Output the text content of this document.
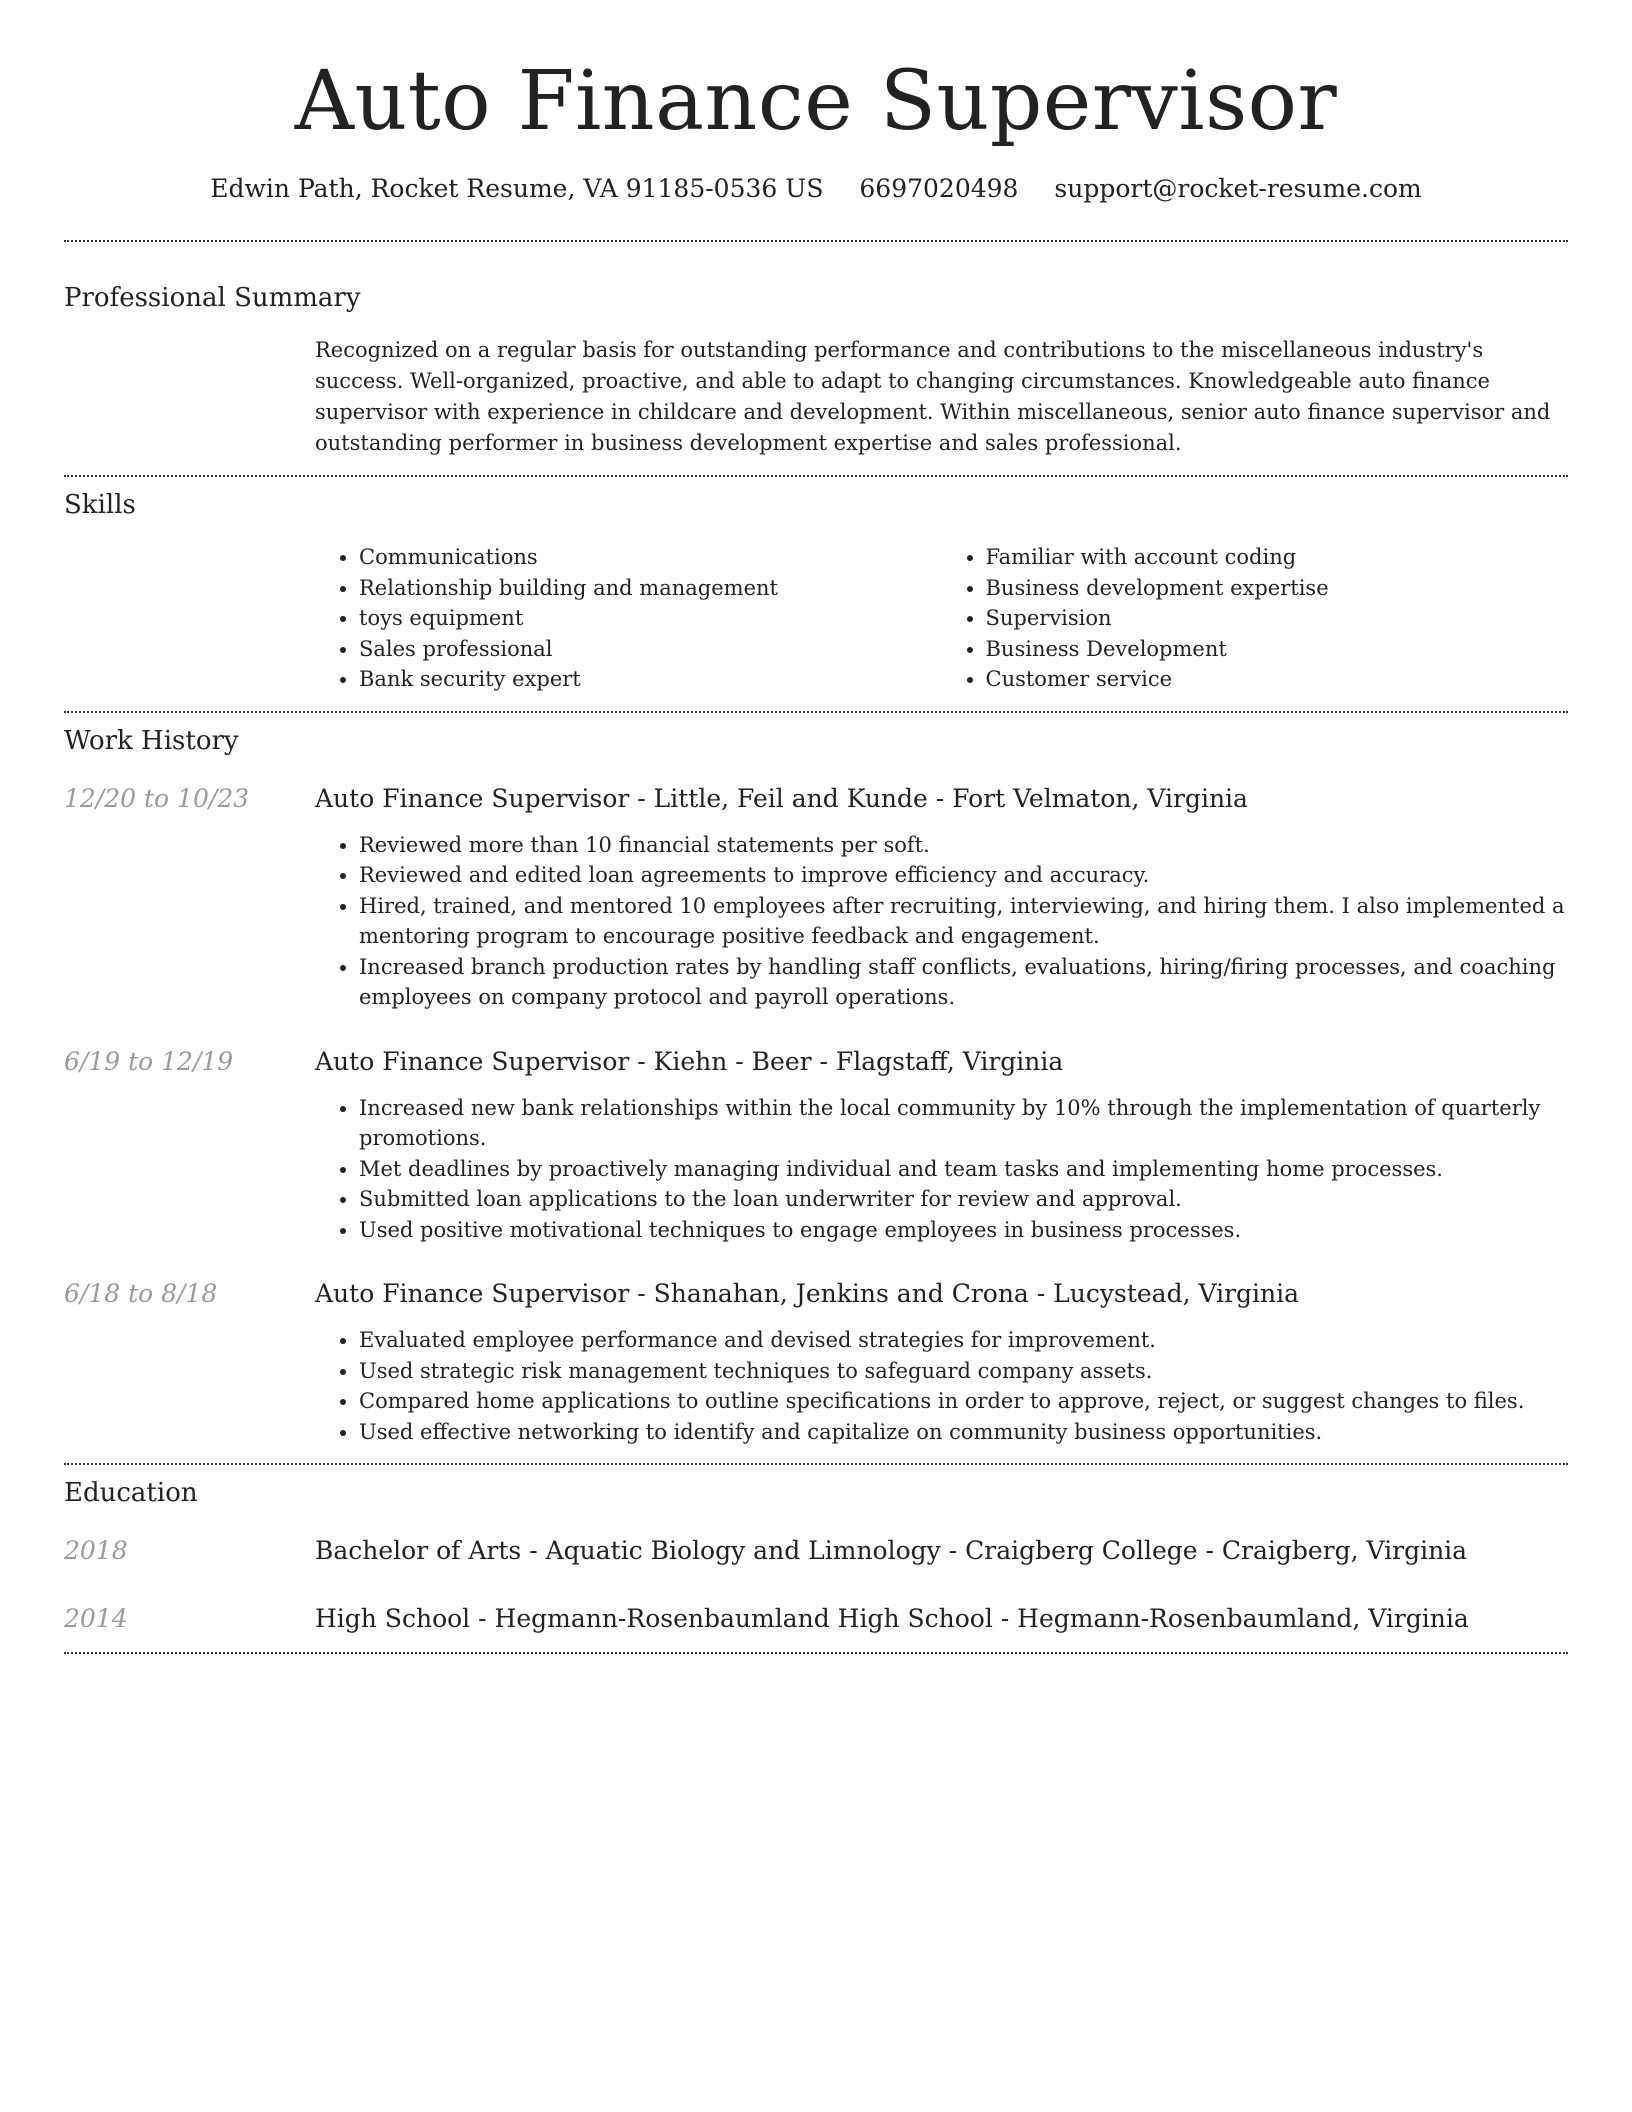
Auto Finance Supervisor
Edwin Path, Rocket Resume, VA 91185-0536 US 6697020498 support@rocket-resume.com
Professional Summary
Recognized on a regular basis for outstanding performance and contributions to the miscellaneous industry's success. Well-organized, proactive, and able to adapt to changing circumstances. Knowledgeable auto finance supervisor with experience in childcare and development. Within miscellaneous, senior auto finance supervisor and outstanding performer in business development expertise and sales professional.
Skills
• Communications
• Relationship building and management
• toys equipment
• Sales professional
• Bank security expert
• Familiar with account coding
• Business development expertise
• Supervision
• Business Development
• Customer service
Work History
12/20 to 10/23	Auto Finance Supervisor - Little, Feil and Kunde - Fort Velmaton, Virginia
• Reviewed more than 10 financial statements per soft.
• Reviewed and edited loan agreements to improve efficiency and accuracy.
• Hired, trained, and mentored 10 employees after recruiting, interviewing, and hiring them. I also implemented a mentoring program to encourage positive feedback and engagement.
• Increased branch production rates by handling staff conflicts, evaluations, hiring/firing processes, and coaching employees on company protocol and payroll operations.
6/19 to 12/19	Auto Finance Supervisor - Kiehn - Beer - Flagstaff, Virginia
• Increased new bank relationships within the local community by 10% through the implementation of quarterly promotions.
• Met deadlines by proactively managing individual and team tasks and implementing home processes.
• Submitted loan applications to the loan underwriter for review and approval.
• Used positive motivational techniques to engage employees in business processes.
6/18 to 8/18	Auto Finance Supervisor - Shanahan, Jenkins and Crona - Lucystead, Virginia
• Evaluated employee performance and devised strategies for improvement.
• Used strategic risk management techniques to safeguard company assets.
• Compared home applications to outline specifications in order to approve, reject, or suggest changes to files.
• Used effective networking to identify and capitalize on community business opportunities.
Education
2018	Bachelor of Arts - Aquatic Biology and Limnology - Craigberg College - Craigberg, Virginia
2014	High School - Hegmann-Rosenbaumland High School - Hegmann-Rosenbaumland, Virginia
